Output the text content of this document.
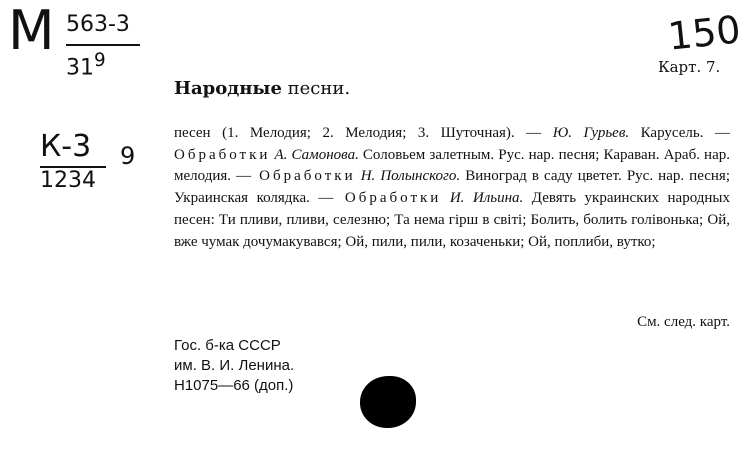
М 563-3
$31^9$
К-3
1234
9
150
Карт. 7.
Народные песни.
песен (1. Мелодия; 2. Мелодия; 3. Шуточная). — Ю. Гурьев. Карусель. — Обработки А. Самонова. Соловьем залетным. Рус. нар. песня; Караван. Араб. нар. мелодия. — Обработки Н. Полынского. Виноград в саду цветет. Рус. нар. песня; Украинская колядка. — Обработки И. Ильина. Девять украинских народных песен: Ти пливи, пливи, селезню; Та нема гірш в світі; Болить, болить голівонька; Ой, вже чумак дочумакувався; Ой, пили, пили, козаченьки; Ой, поплиби, вутко;
См. след. карт.
Гос. б-ка СССР
им. В. И. Ленина.
Н1075—66 (доп.)
